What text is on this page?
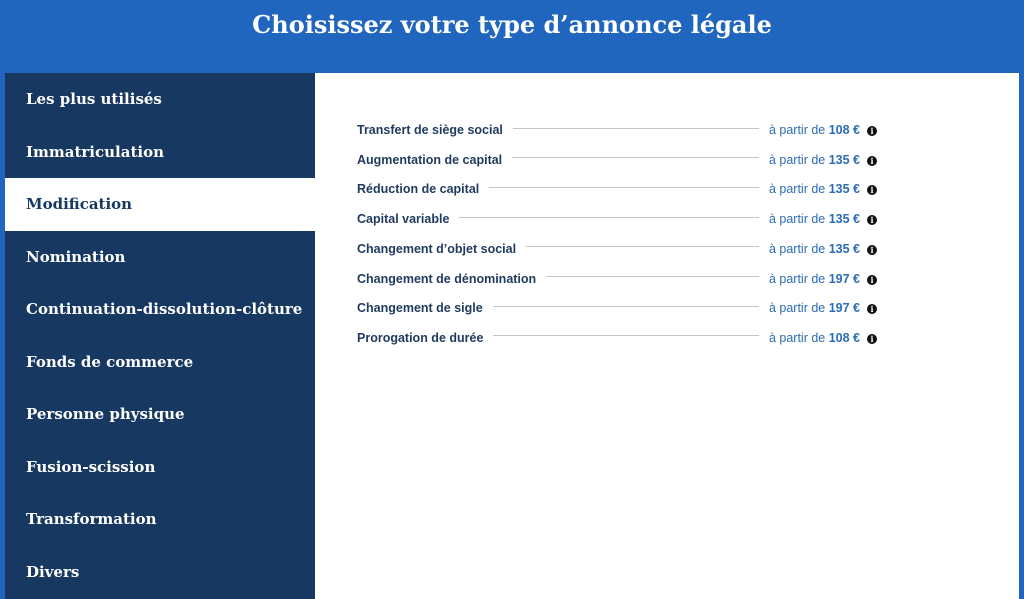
Choisissez votre type d’annonce légale
Les plus utilisés
Immatriculation
Modification
Nomination
Continuation-dissolution-clôture
Fonds de commerce
Personne physique
Fusion-scission
Transformation
Divers
Transfert de siège social	à partir de 108 €	i
Augmentation de capital	à partir de 135 €	i
Réduction de capital	à partir de 135 €	i
Capital variable	à partir de 135 €	i
Changement d’objet social	à partir de 135 €	i
Changement de dénomination	à partir de 197 €	i
Changement de sigle	à partir de 197 €	i
Prorogation de durée	à partir de 108 €	i
